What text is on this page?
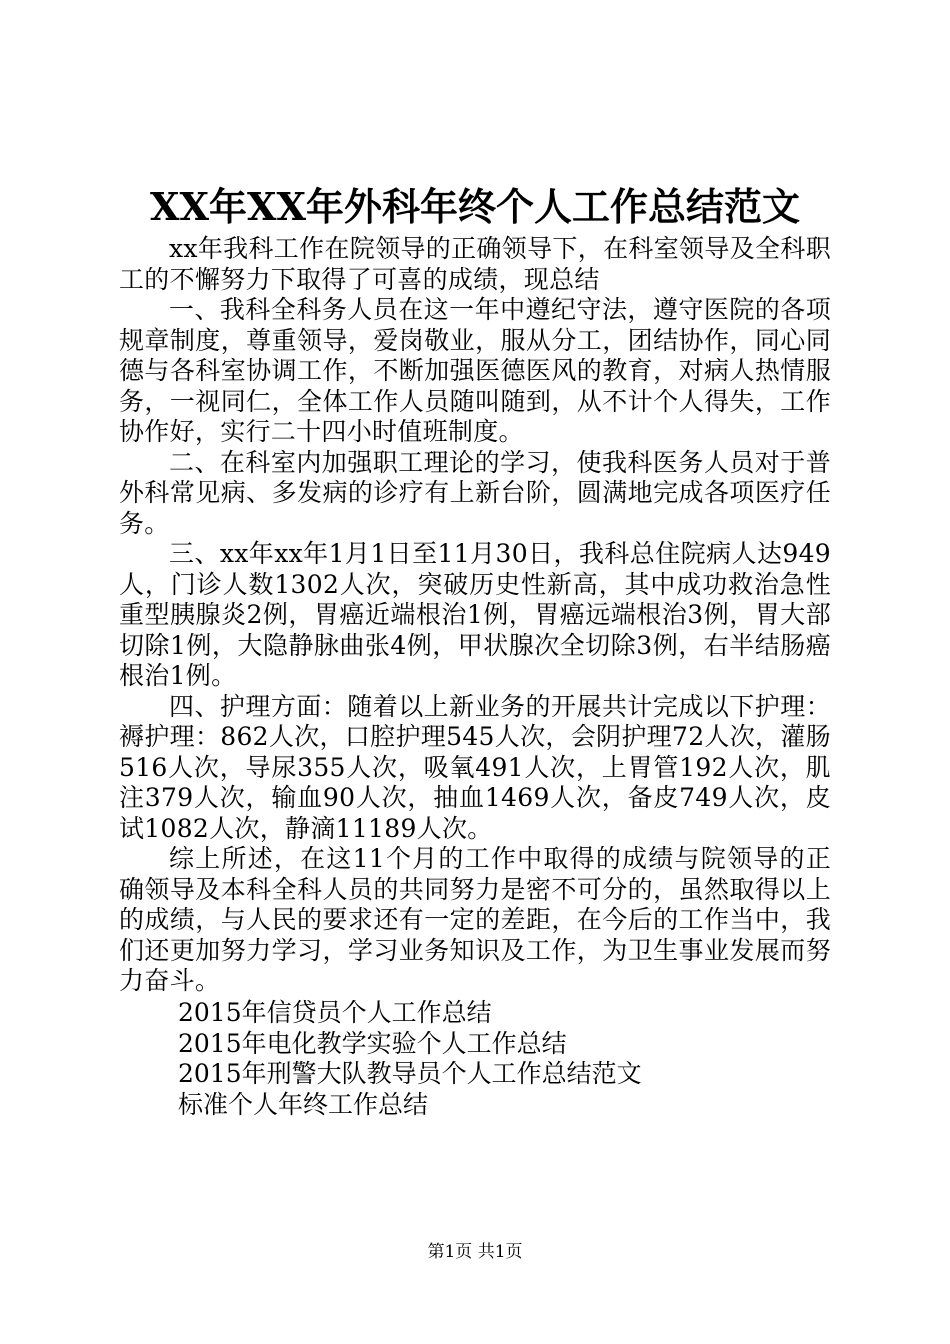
XX年XX年外科年终个人工作总结范文

xx年我科工作在院领导的正确领导下，在科室领导及全科职工的不懈努力下取得了可喜的成绩，现总结

一、我科全科务人员在这一年中遵纪守法，遵守医院的各项规章制度，尊重领导，爱岗敬业，服从分工，团结协作，同心同德与各科室协调工作，不断加强医德医风的教育，对病人热情服务，一视同仁，全体工作人员随叫随到，从不计个人得失，工作协作好，实行二十四小时值班制度。

二、在科室内加强职工理论的学习，使我科医务人员对于普外科常见病、多发病的诊疗有上新台阶，圆满地完成各项医疗任务。

三、xx年xx年1月1日至11月30日，我科总住院病人达949人，门诊人数1302人次，突破历史性新高，其中成功救治急性重型胰腺炎2例，胃癌近端根治1例，胃癌远端根治3例，胃大部切除1例，大隐静脉曲张4例，甲状腺次全切除3例，右半结肠癌根治1例。

四、护理方面：随着以上新业务的开展共计完成以下护理：褥护理：862人次，口腔护理545人次，会阴护理72人次，灌肠516人次，导尿355人次，吸氧491人次，上胃管192人次，肌注379人次，输血90人次，抽血1469人次，备皮749人次，皮试1082人次，静滴11189人次。

综上所述，在这11个月的工作中取得的成绩与院领导的正确领导及本科全科人员的共同努力是密不可分的，虽然取得以上的成绩，与人民的要求还有一定的差距，在今后的工作当中，我们还更加努力学习，学习业务知识及工作，为卫生事业发展而努力奋斗。

2015年信贷员个人工作总结
2015年电化教学实验个人工作总结
2015年刑警大队教导员个人工作总结范文
标准个人年终工作总结
第1页 共1页
